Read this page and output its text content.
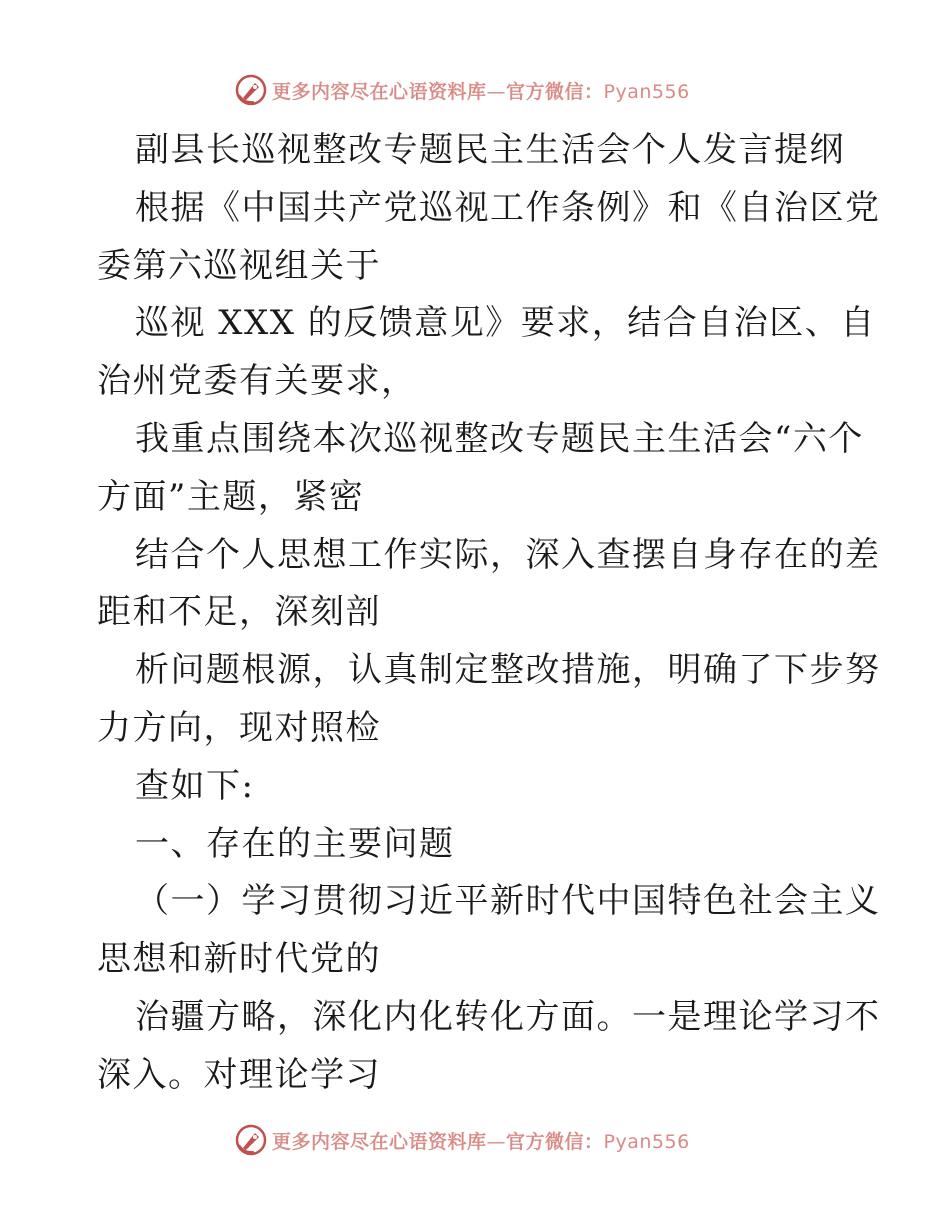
更多内容尽在心语资料库—官方微信：Pyan556
副县长巡视整改专题民主生活会个人发言提纲
根据《中国共产党巡视工作条例》和《自治区党
委第六巡视组关于
巡视 XXX 的反馈意见》要求，结合自治区、自
治州党委有关要求，
我重点围绕本次巡视整改专题民主生活会“六个
方面”主题，紧密
结合个人思想工作实际，深入查摆自身存在的差
距和不足，深刻剖
析问题根源，认真制定整改措施，明确了下步努
力方向，现对照检
查如下:
一、存在的主要问题
（一）学习贯彻习近平新时代中国特色社会主义
思想和新时代党的
治疆方略，深化内化转化方面。一是理论学习不
深入。对理论学习
更多内容尽在心语资料库—官方微信：Pyan556
